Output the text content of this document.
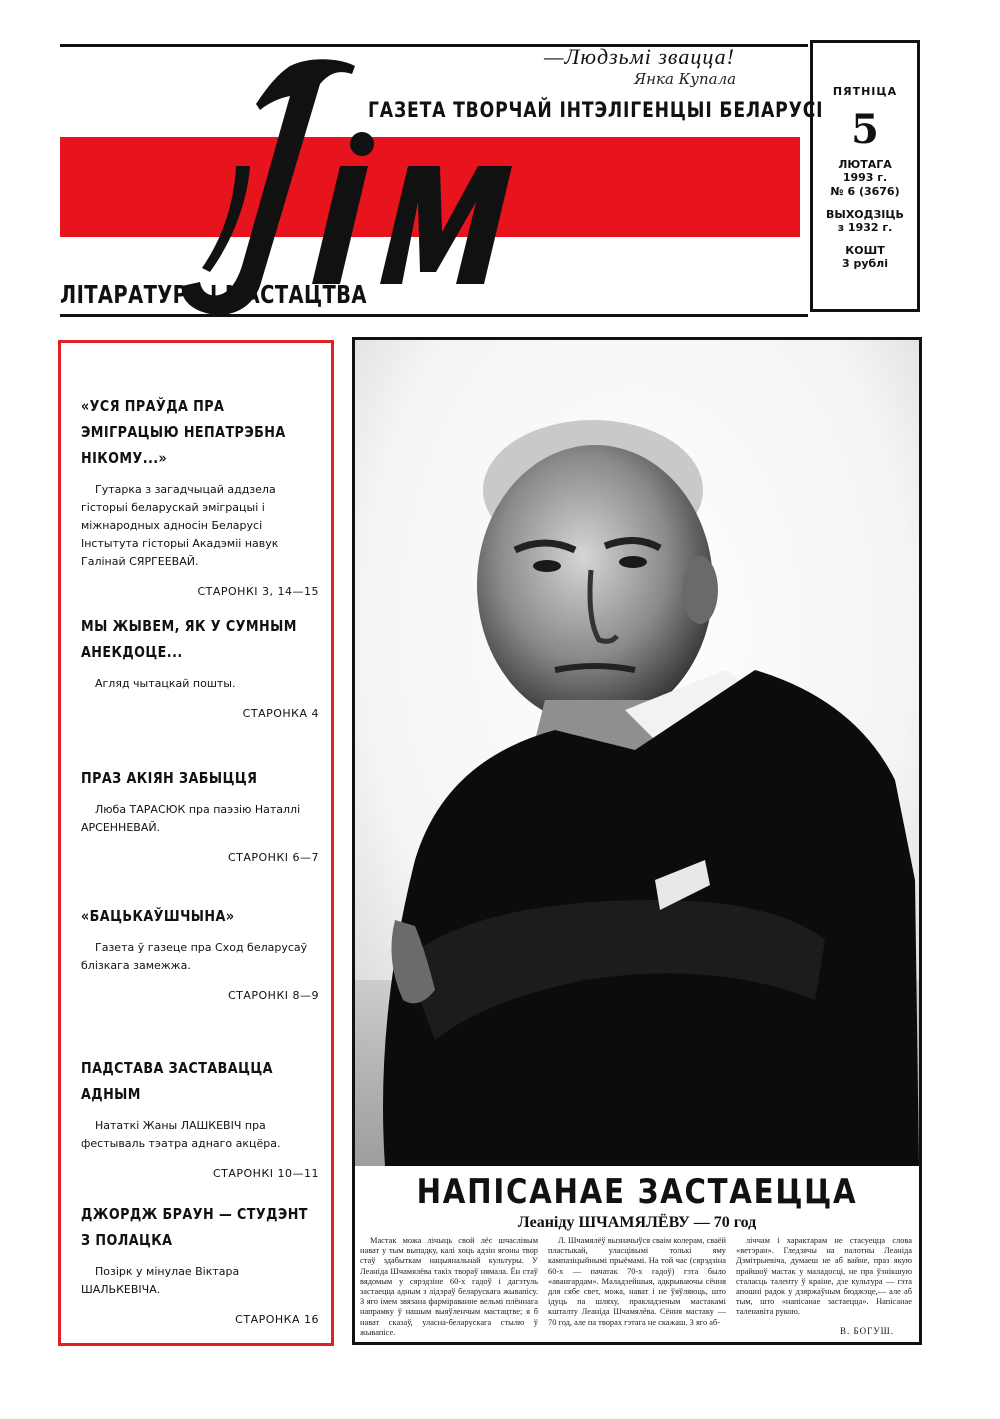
—Людзьмі звацца!
Янка Купала
ГАЗЕТА ТВОРЧАЙ ІНТЭЛІГЕНЦЫІ БЕЛАРУСІ
ЛІТАРАТУРА І МАСТАЦТВА
ПЯТНІЦА
5
ЛЮТАГА
1993 г.
№ 6 (3676)
ВЫХОДЗІЦЬ
з 1932 г.
КОШТ
3 рублі
«УСЯ ПРАЎДА ПРА ЭМІГРАЦЫЮ НЕПАТРЭБНА НІКОМУ...»
Гутарка з загадчыцай аддзела гісторыі беларускай эміграцыі і міжнародных адносін Беларусі Інстытута гісторыі Акадэміі навук Галінай СЯРГЕЕВАЙ.
СТАРОНКІ 3, 14—15
МЫ ЖЫВЕМ, ЯК У СУМНЫМ АНЕКДОЦЕ...
Агляд чытацкай пошты.
СТАРОНКА 4
ПРАЗ АКІЯН ЗАБЫЦЦЯ
Люба ТАРАСЮК пра паэзію Наталлі АРСЕННЕВАЙ.
СТАРОНКІ 6—7
«БАЦЬКАЎШЧЫНА»
Газета ў газеце пра Сход беларусаў блізкага замежжа.
СТАРОНКІ 8—9
ПАДСТАВА ЗАСТАВАЦЦА АДНЫМ
Нататкі Жаны ЛАШКЕВІЧ пра фестываль тэатра аднаго акцёра.
СТАРОНКІ 10—11
ДЖОРДЖ БРАУН — СТУДЭНТ З ПОЛАЦКА
Позірк у мінулае Віктара ШАЛЬКЕВІЧА.
СТАРОНКА 16
НАПІСАНАЕ ЗАСТАЕЦЦА
Леаніду ШЧАМЯЛЁВУ — 70 год

Мастак можа лічыць свой лёс шчаслівым нават у тым выпадку, калі хоць адзін ягоны твор стаў здабыткам нацыянальнай культуры. У Леаніда Шчамялёва такіх твораў нямала. Ён стаў вядомым у сярэдзіне 60-х гадоў і дагэтуль застаецца адным з лідэраў беларускага жывапісу. З яго імем звязана фарміраванне вельмі плённага напрамку ў нашым выяўленчым мастацтве; я б нават сказаў, уласна-беларускага стылю ў жывапісе.

Л. Шчамялёў вызначыўся сваім колерам, сваёй пластыкай, уласцівымі толькі яму кампазіцыйнымі прыёмамі. На той час (сярэдзіна 60-х — пачатак 70-х гадоў) гэта было «авангардам». Маладзейшыя, адкрываючы сёння для сябе свет, можа, нават і не ўяўляюць, што ідуць па шляху, пракладзеным мастакамі кшталту Леаніда Шчамялёва. Сёння мастаку — 70 год, але па творах гэтага не скажаш. З яго аб-

ліччам і характарам не стасуецца слова «ветэран». Гледзячы на палотны Леаніда Дзмітрыевіча, думаеш не аб вайне, праз якую прайшоў мастак у маладосці, не пра ўзнікшую сталасць таленту ў краіне, дзе культура — гэта апошні радок у дзяржаўным бюджэце,— але аб тым, што «напісанае застаецца». Напісанае таленавіта рукою.

В. БОГУШ.
